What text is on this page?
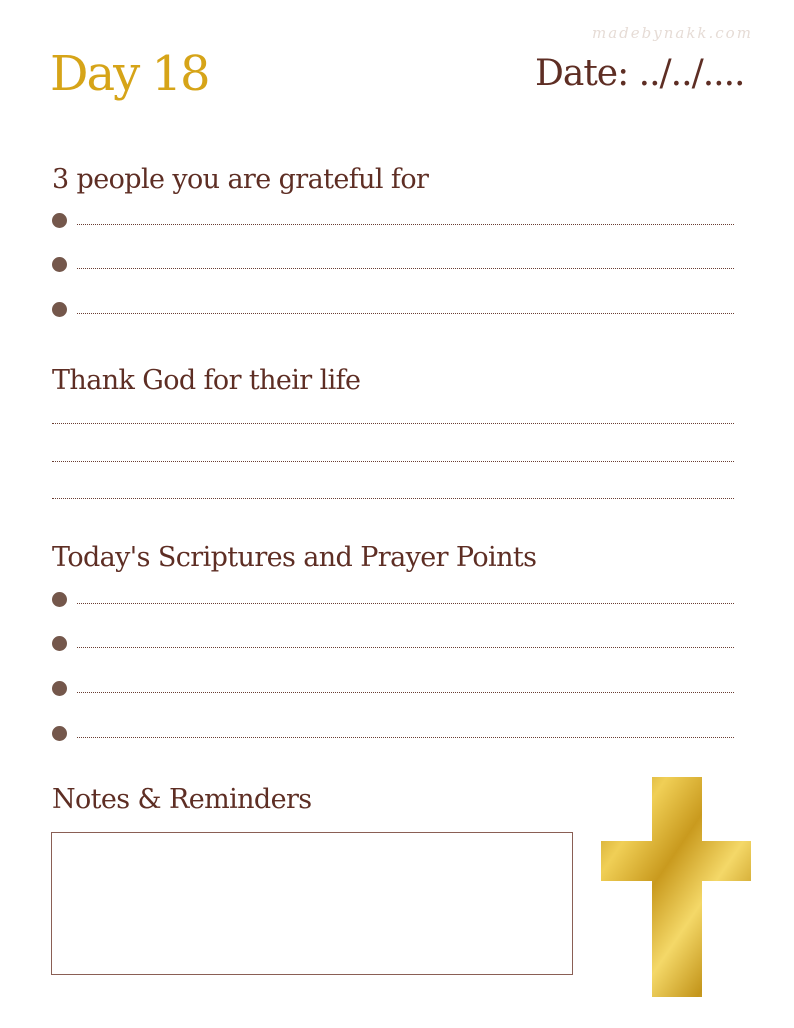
madebynakk.com
Day 18	Date: ../../....
3 people you are grateful for
Thank God for their life
Today's Scriptures and Prayer Points
Notes & Reminders
